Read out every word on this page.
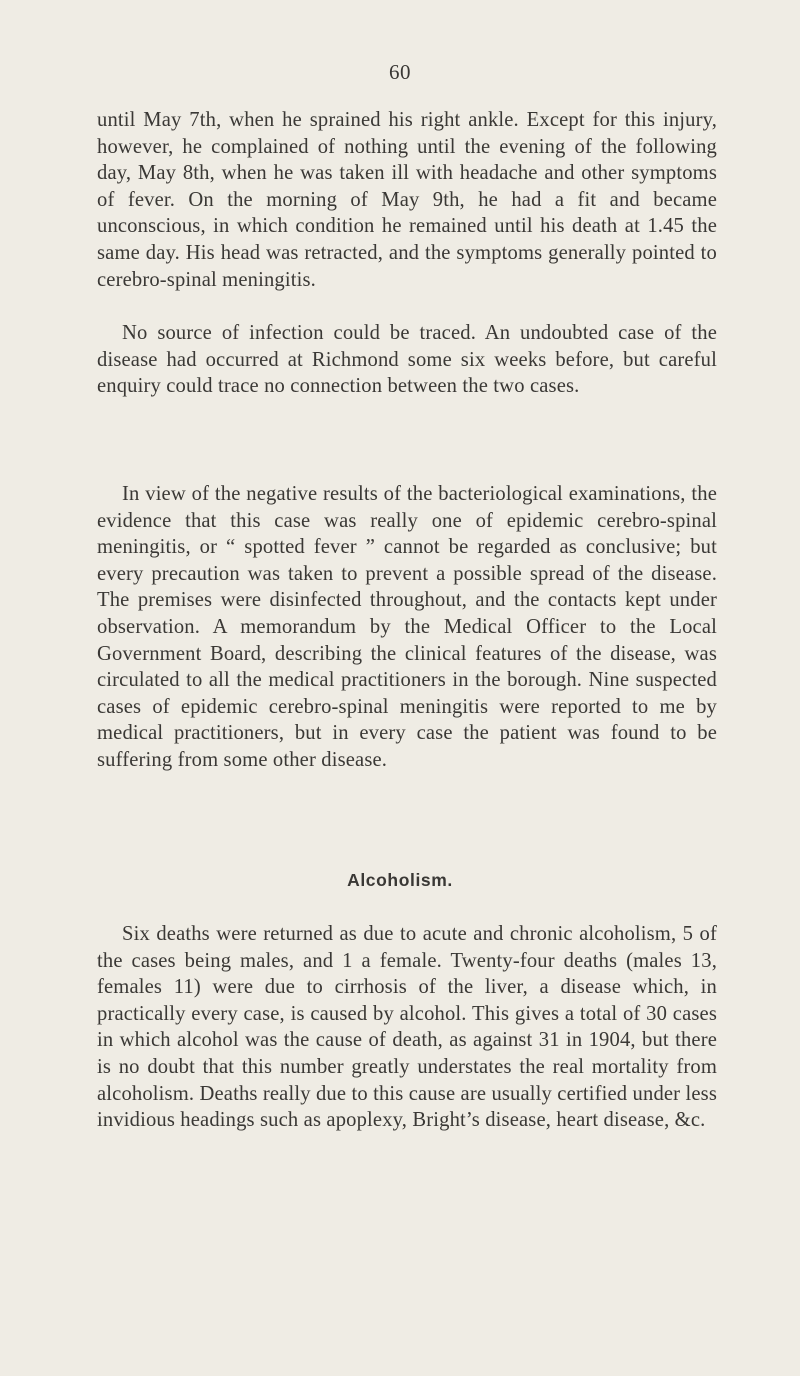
60

until May 7th, when he sprained his right ankle. Except for this injury, however, he complained of nothing until the evening of the following day, May 8th, when he was taken ill with headache and other symptoms of fever. On the morning of May 9th, he had a fit and became unconscious, in which condition he remained until his death at 1.45 the same day. His head was retracted, and the symptoms generally pointed to cerebro-spinal meningitis.

No source of infection could be traced. An undoubted case of the disease had occurred at Richmond some six weeks before, but careful enquiry could trace no connection between the two cases.

In view of the negative results of the bacteriological examinations, the evidence that this case was really one of epidemic cerebro-spinal meningitis, or “ spotted fever ” cannot be regarded as conclusive; but every precaution was taken to prevent a possible spread of the disease. The premises were disinfected throughout, and the contacts kept under observation. A memorandum by the Medical Officer to the Local Government Board, describing the clinical features of the disease, was circulated to all the medical practitioners in the borough. Nine suspected cases of epidemic cerebro-spinal meningitis were reported to me by medical practitioners, but in every case the patient was found to be suffering from some other disease.

Alcoholism.

Six deaths were returned as due to acute and chronic alcoholism, 5 of the cases being males, and 1 a female. Twenty-four deaths (males 13, females 11) were due to cirrhosis of the liver, a disease which, in practically every case, is caused by alcohol. This gives a total of 30 cases in which alcohol was the cause of death, as against 31 in 1904, but there is no doubt that this number greatly understates the real mortality from alcoholism. Deaths really due to this cause are usually certified under less invidious headings such as apoplexy, Bright’s disease, heart disease, &c.
